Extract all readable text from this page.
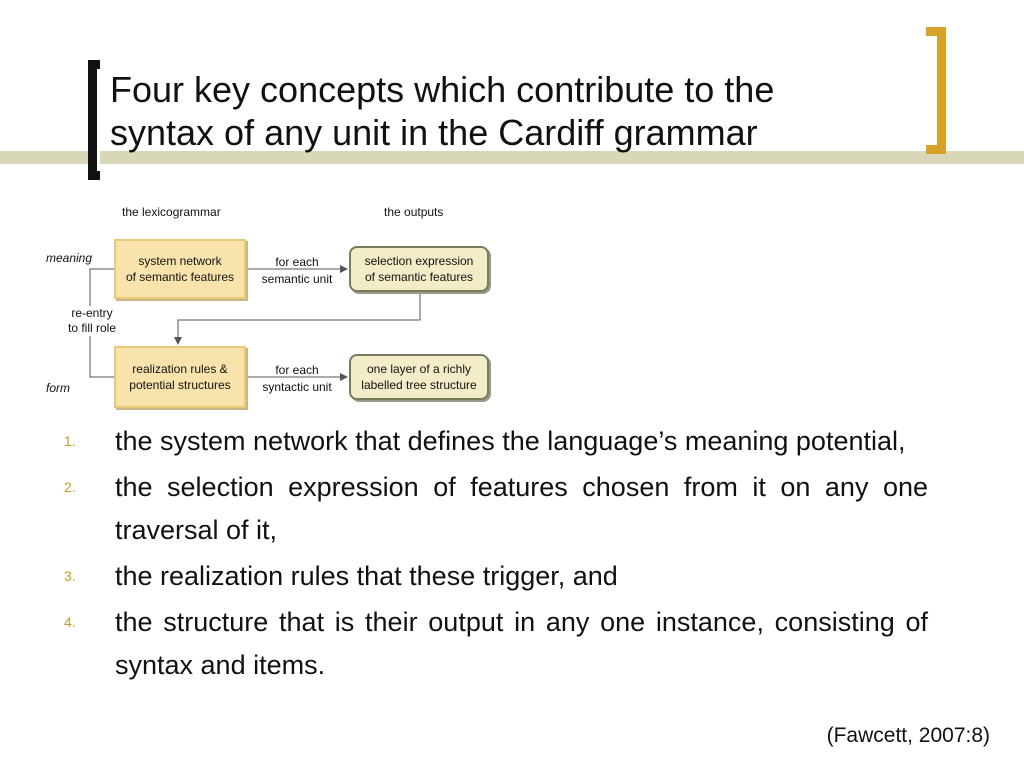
Four key concepts which contribute to the
syntax of any unit in the Cardiff grammar
the lexicogrammar	the outputs
meaning
form
re-entry
to fill role
system network
of semantic features
for each
semantic unit
selection expression
of semantic features
realization rules &
potential structures
for each
syntactic unit
one layer of a richly
labelled tree structure
1. the system network that defines the language’s meaning potential,
2. the selection expression of features chosen from it on any one traversal of it,
3. the realization rules that these trigger, and
4. the structure that is their output in any one instance, consisting of syntax and items.
(Fawcett, 2007:8)
